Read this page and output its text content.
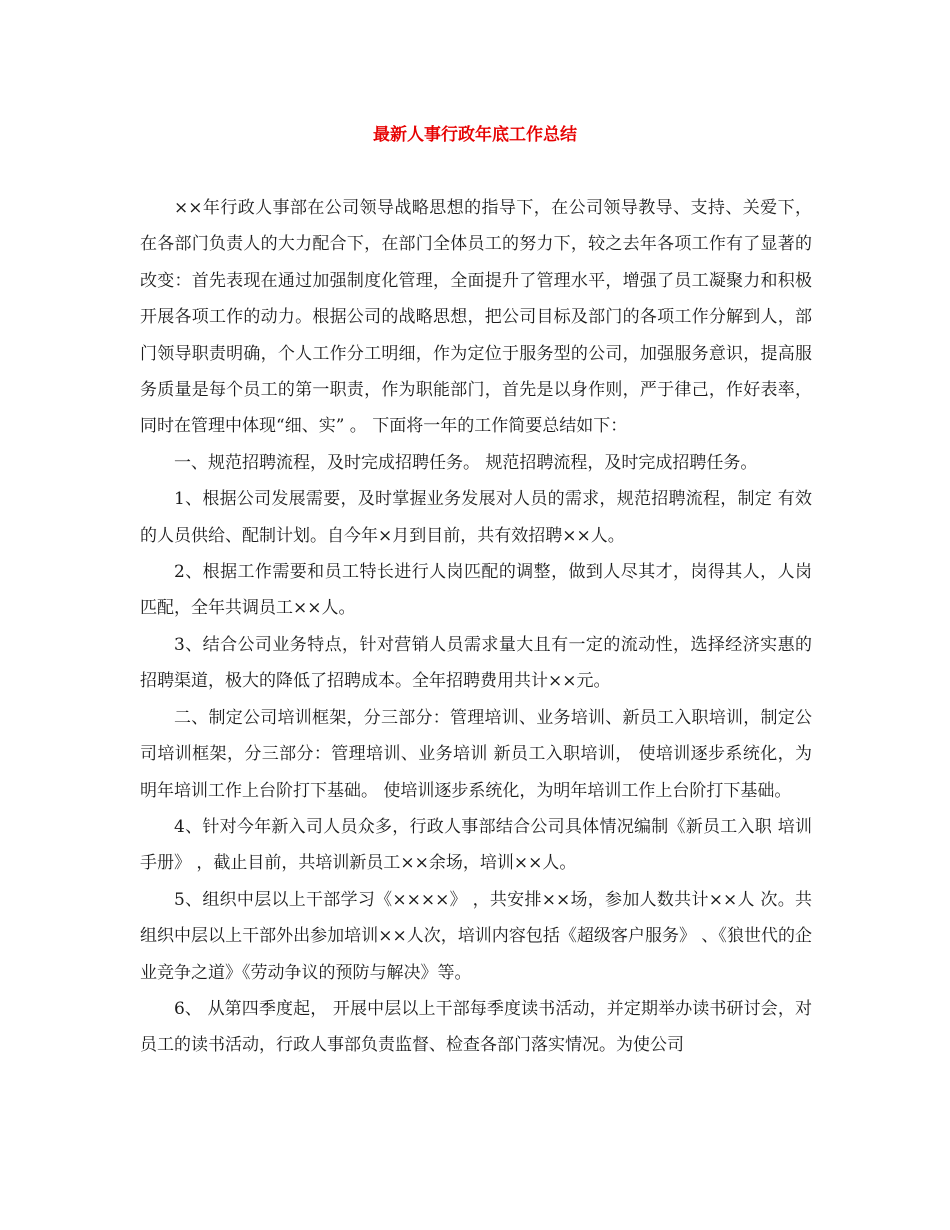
最新人事行政年底工作总结

××年行政人事部在公司领导战略思想的指导下，在公司领导教导、支持、关爱下，在各部门负责人的大力配合下，在部门全体员工的努力下，较之去年各项工作有了显著的改变：首先表现在通过加强制度化管理，全面提升了管理水平，增强了员工凝聚力和积极开展各项工作的动力。根据公司的战略思想，把公司目标及部门的各项工作分解到人，部门领导职责明确，个人工作分工明细，作为定位于服务型的公司，加强服务意识，提高服务质量是每个员工的第一职责，作为职能部门，首先是以身作则，严于律己，作好表率，同时在管理中体现“细、实” 。 下面将一年的工作简要总结如下：

一、规范招聘流程，及时完成招聘任务。 规范招聘流程，及时完成招聘任务。

1、根据公司发展需要，及时掌握业务发展对人员的需求，规范招聘流程，制定 有效的人员供给、配制计划。自今年×月到目前，共有效招聘××人。

2、根据工作需要和员工特长进行人岗匹配的调整，做到人尽其才，岗得其人，人岗匹配，全年共调员工××人。

3、结合公司业务特点，针对营销人员需求量大且有一定的流动性，选择经济实惠的招聘渠道，极大的降低了招聘成本。全年招聘费用共计××元。

二、制定公司培训框架，分三部分：管理培训、业务培训、新员工入职培训，制定公司培训框架，分三部分：管理培训、业务培训 新员工入职培训， 使培训逐步系统化，为明年培训工作上台阶打下基础。 使培训逐步系统化，为明年培训工作上台阶打下基础。

4、针对今年新入司人员众多，行政人事部结合公司具体情况编制《新员工入职 培训手册》 ，截止目前，共培训新员工××余场，培训××人。

5、组织中层以上干部学习《××××》 ，共安排××场，参加人数共计××人 次。共组织中层以上干部外出参加培训××人次，培训内容包括《超级客户服务》 、《狼世代的企业竞争之道》《劳动争议的预防与解决》等。

6、 从第四季度起， 开展中层以上干部每季度读书活动，并定期举办读书研讨会，对员工的读书活动，行政人事部负责监督、检查各部门落实情况。为使公司
